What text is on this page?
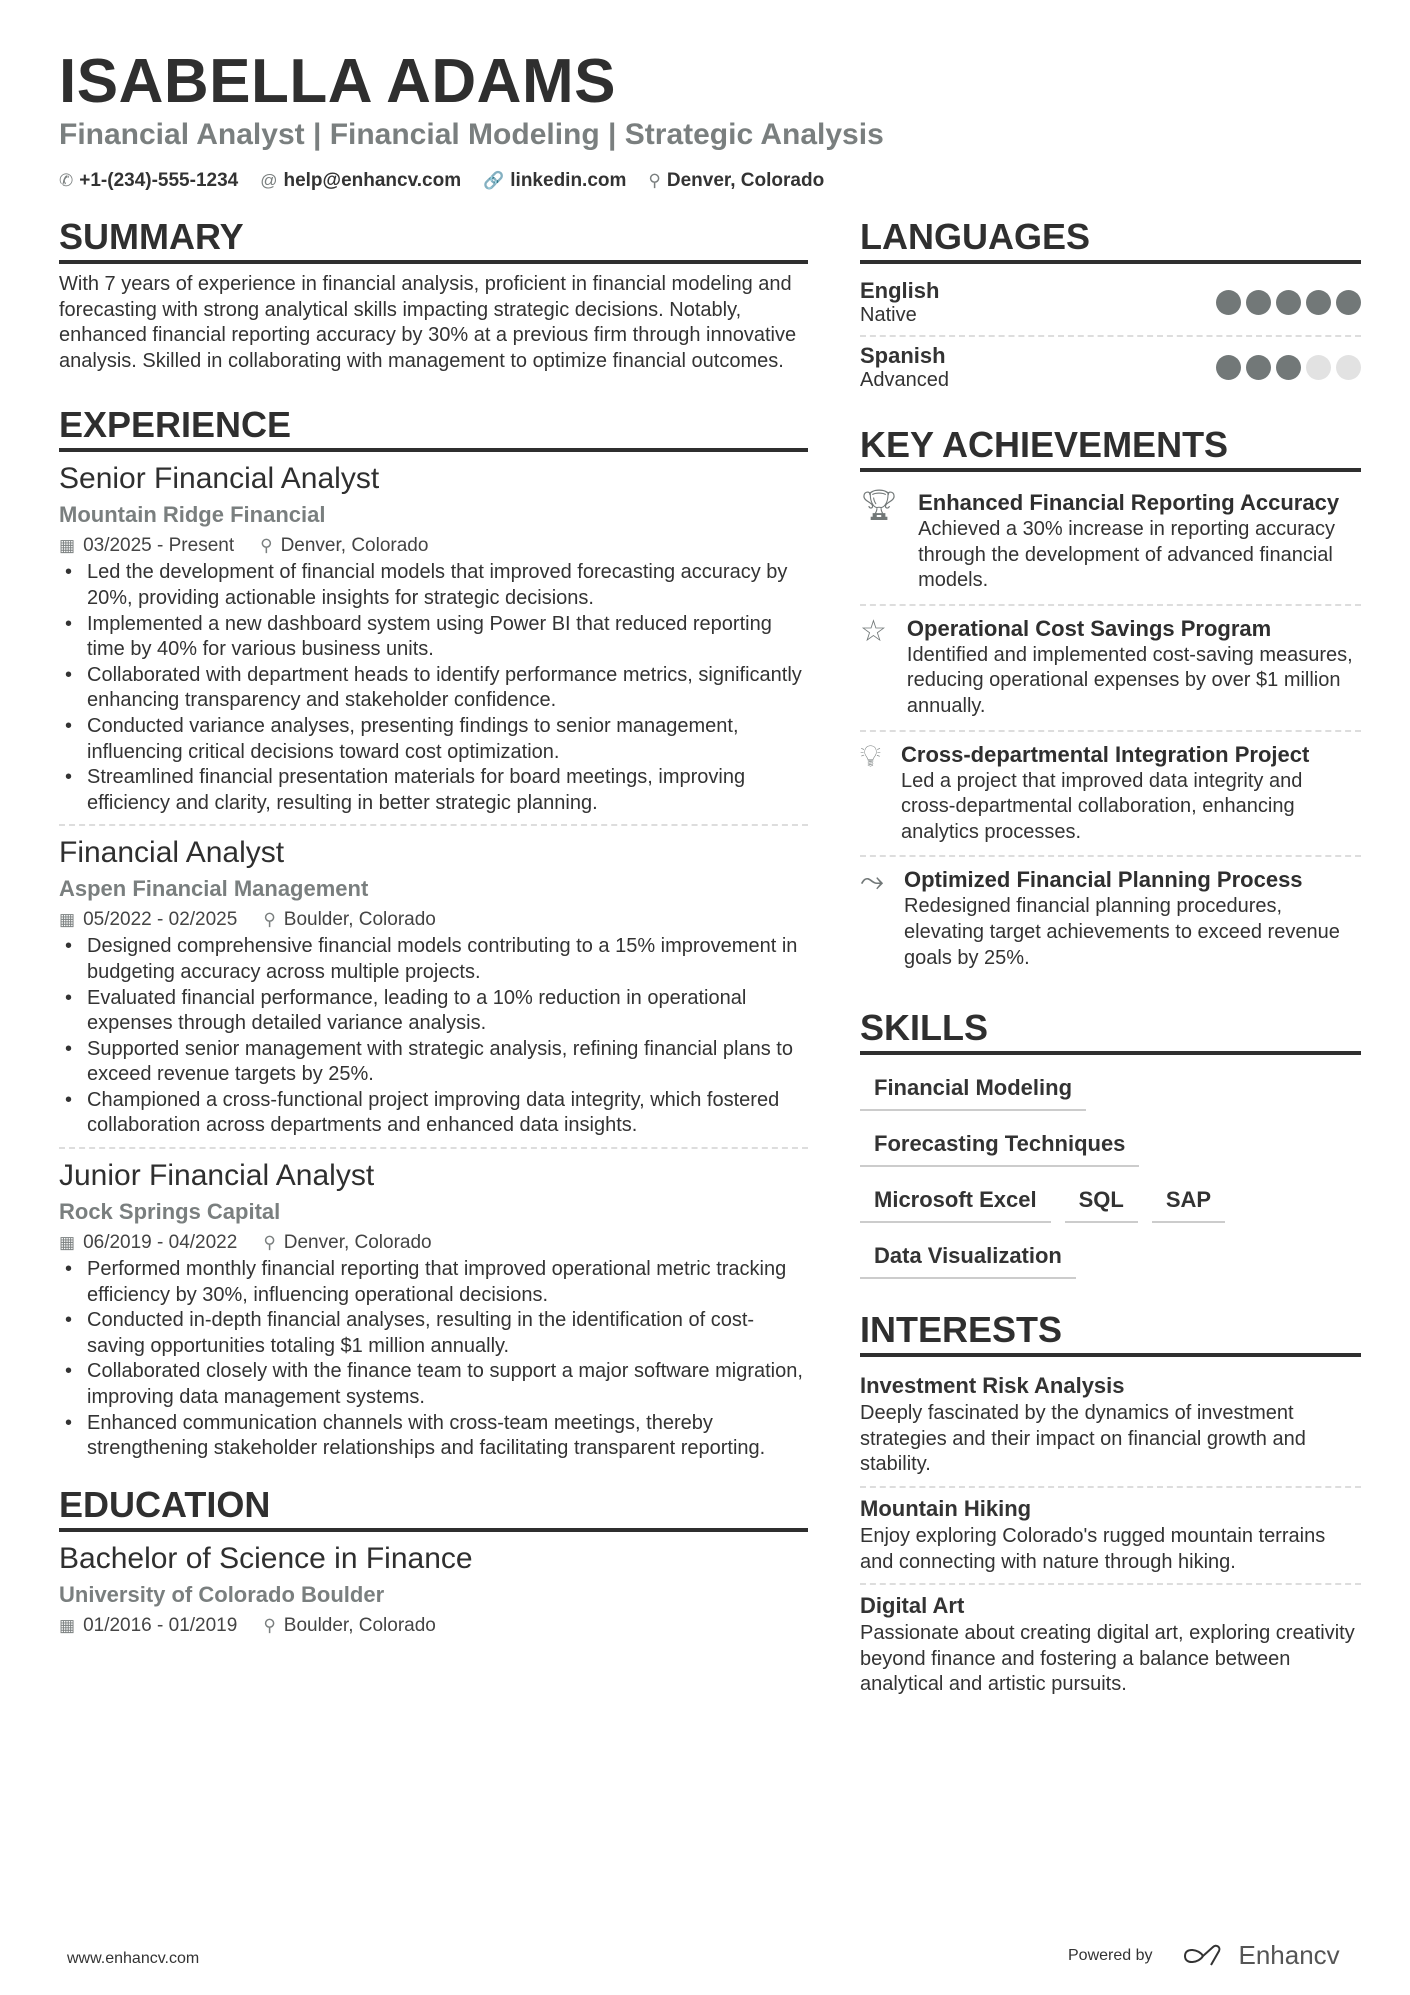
ISABELLA ADAMS
Financial Analyst | Financial Modeling | Strategic Analysis
✆ +1-(234)-555-1234 @ help@enhancv.com 🔗 linkedin.com ⚲ Denver, Colorado
SUMMARY
With 7 years of experience in financial analysis, proficient in financial modeling and forecasting with strong analytical skills impacting strategic decisions. Notably, enhanced financial reporting accuracy by 30% at a previous firm through innovative analysis. Skilled in collaborating with management to optimize financial outcomes.
EXPERIENCE
Senior Financial Analyst
Mountain Ridge Financial
▦ 03/2025 - Present ⚲ Denver, Colorado
• Led the development of financial models that improved forecasting accuracy by 20%, providing actionable insights for strategic decisions.
• Implemented a new dashboard system using Power BI that reduced reporting time by 40% for various business units.
• Collaborated with department heads to identify performance metrics, significantly enhancing transparency and stakeholder confidence.
• Conducted variance analyses, presenting findings to senior management, influencing critical decisions toward cost optimization.
• Streamlined financial presentation materials for board meetings, improving efficiency and clarity, resulting in better strategic planning.
Financial Analyst
Aspen Financial Management
▦ 05/2022 - 02/2025 ⚲ Boulder, Colorado
• Designed comprehensive financial models contributing to a 15% improvement in budgeting accuracy across multiple projects.
• Evaluated financial performance, leading to a 10% reduction in operational expenses through detailed variance analysis.
• Supported senior management with strategic analysis, refining financial plans to exceed revenue targets by 25%.
• Championed a cross-functional project improving data integrity, which fostered collaboration across departments and enhanced data insights.
Junior Financial Analyst
Rock Springs Capital
▦ 06/2019 - 04/2022 ⚲ Denver, Colorado
• Performed monthly financial reporting that improved operational metric tracking efficiency by 30%, influencing operational decisions.
• Conducted in-depth financial analyses, resulting in the identification of cost-saving opportunities totaling $1 million annually.
• Collaborated closely with the finance team to support a major software migration, improving data management systems.
• Enhanced communication channels with cross-team meetings, thereby strengthening stakeholder relationships and facilitating transparent reporting.
EDUCATION
Bachelor of Science in Finance
University of Colorado Boulder
▦ 01/2016 - 01/2019 ⚲ Boulder, Colorado
LANGUAGES
English
Native
Spanish
Advanced
KEY ACHIEVEMENTS
🏆︎ Enhanced Financial Reporting Accuracy
Achieved a 30% increase in reporting accuracy through the development of advanced financial models.
☆ Operational Cost Savings Program
Identified and implemented cost-saving measures, reducing operational expenses by over $1 million annually.
💡︎ Cross-departmental Integration Project
Led a project that improved data integrity and cross-departmental collaboration, enhancing analytics processes.
⤳ Optimized Financial Planning Process
Redesigned financial planning procedures, elevating target achievements to exceed revenue goals by 25%.
SKILLS
Financial Modeling
Forecasting Techniques
Microsoft Excel	SQL	SAP
Data Visualization
INTERESTS
Investment Risk Analysis
Deeply fascinated by the dynamics of investment strategies and their impact on financial growth and stability.
Mountain Hiking
Enjoy exploring Colorado's rugged mountain terrains and connecting with nature through hiking.
Digital Art
Passionate about creating digital art, exploring creativity beyond finance and fostering a balance between analytical and artistic pursuits.
www.enhancv.com	Powered by	Enhancv
